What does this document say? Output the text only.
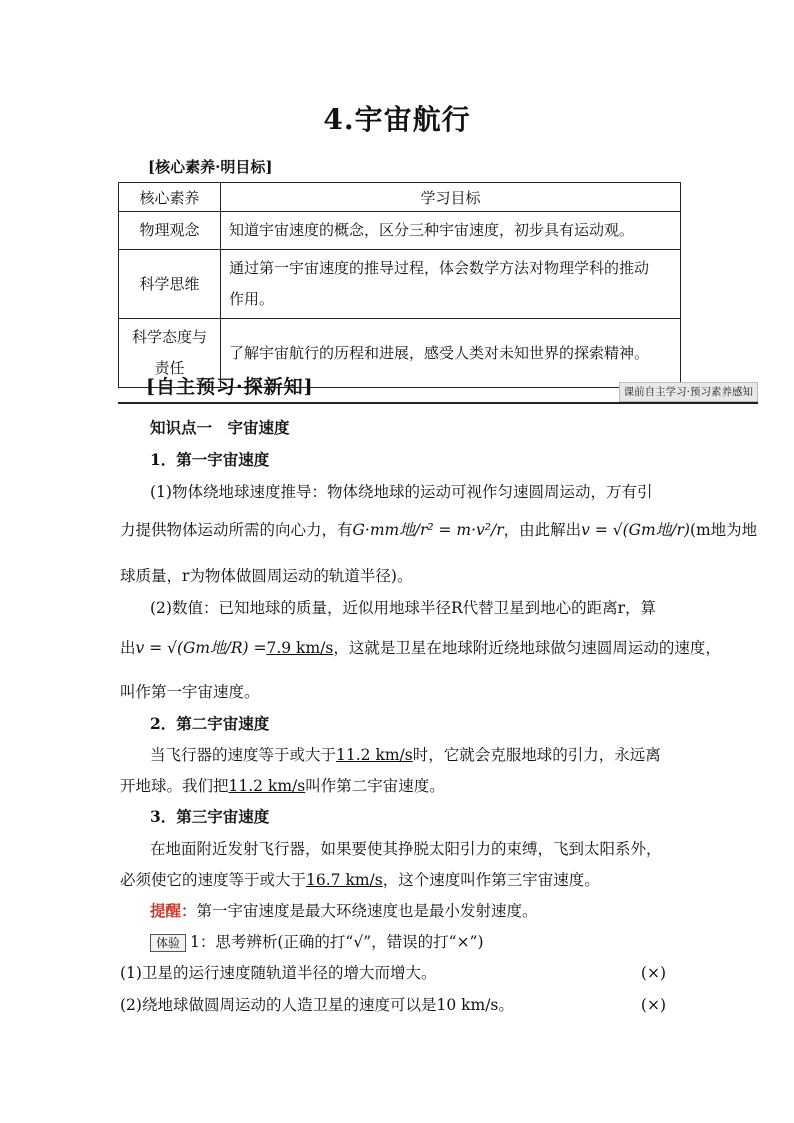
4.宇宙航行
[核心素养·明目标]
核心素养	学习目标
物理观念	知道宇宙速度的概念，区分三种宇宙速度，初步具有运动观。
科学思维	通过第一宇宙速度的推导过程，体会数学方法对物理学科的推动
作用。
科学态度与
责任	了解宇宙航行的历程和进展，感受人类对未知世界的探索精神。
[自主预习·探新知]	课前自主学习·预习素养感知
知识点一　宇宙速度
1．第一宇宙速度
(1)物体绕地球速度推导：物体绕地球的运动可视作匀速圆周运动，万有引
力提供物体运动所需的向心力，有G·mm地/r² = m·v²/r，由此解出v = √(Gm地/r)(m地为地
球质量，r为物体做圆周运动的轨道半径)。
(2)数值：已知地球的质量，近似用地球半径R代替卫星到地心的距离r，算
出v = √(Gm地/R) =7.9 km/s，这就是卫星在地球附近绕地球做匀速圆周运动的速度，
叫作第一宇宙速度。
2．第二宇宙速度
当飞行器的速度等于或大于11.2 km/s时，它就会克服地球的引力，永远离
开地球。我们把11.2 km/s叫作第二宇宙速度。
3．第三宇宙速度
在地面附近发射飞行器，如果要使其挣脱太阳引力的束缚，飞到太阳系外，
必须使它的速度等于或大于16.7 km/s，这个速度叫作第三宇宙速度。
提醒：第一宇宙速度是最大环绕速度也是最小发射速度。
体验 1：思考辨析(正确的打“√”，错误的打“×”)
(1)卫星的运行速度随轨道半径的增大而增大。	(×)
(2)绕地球做圆周运动的人造卫星的速度可以是10 km/s。	(×)
